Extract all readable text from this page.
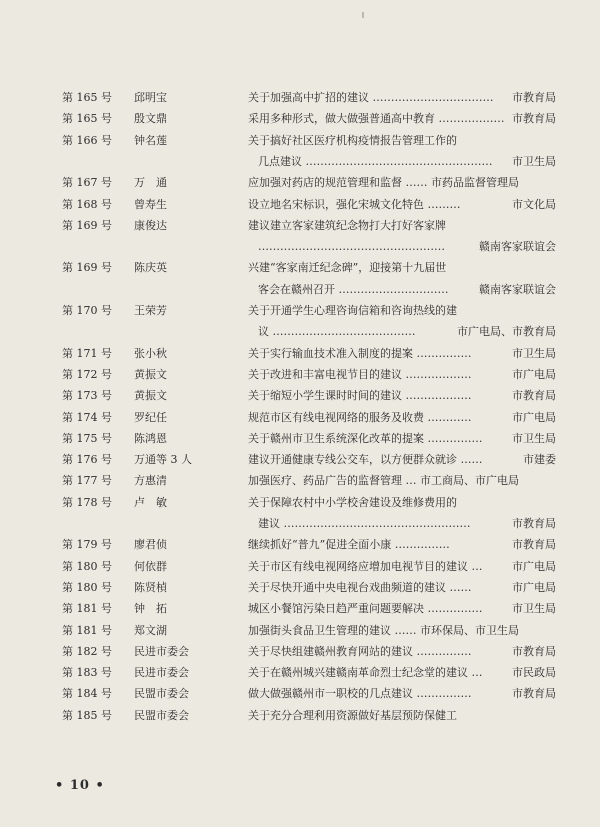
第 165 号 邱明宝	关于加强高中扩招的建议 …………………………… 市教育局
第 165 号 殷文鼎	采用多种形式，做大做强普通高中教育 ……………… 市教育局
第 166 号 钟名莲	关于搞好社区医疗机构疫情报告管理工作的
几点建议 …………………………………………… 市卫生局
第 167 号 万　通	应加强对药店的规范管理和监督 …… 市药品监督管理局
第 168 号 曾寿生	设立地名宋标识，强化宋城文化特色 ………	市文化局
第 169 号 康俊达	建议建立客家建筑纪念物打大打好客家牌
……………………………………………	赣南客家联谊会
第 169 号 陈庆英	兴建“客家南迁纪念碑”，迎接第十九届世
客会在赣州召开 …………………………	赣南客家联谊会
第 170 号 王荣芳	关于开通学生心理咨询信箱和咨询热线的建
议 …………………………………	市广电局、市教育局
第 171 号 张小秋	关于实行输血技术准入制度的提案 ……………	市卫生局
第 172 号 黄振文	关于改进和丰富电视节目的建议 ………………	市广电局
第 173 号 黄振文	关于缩短小学生课时时间的建议 ………………	市教育局
第 174 号 罗纪任	规范市区有线电视网络的服务及收费 …………	市广电局
第 175 号 陈鸿恩	关于赣州市卫生系统深化改革的提案 ……………	市卫生局
第 176 号 万通等 3 人	建议开通健康专线公交车，以方便群众就诊 ……	市建委
第 177 号 方惠清	加强医疗、药品广告的监督管理 … 市工商局、市广电局
第 178 号 卢　敏	关于保障农村中小学校舍建设及维修费用的
建议 ……………………………………………	市教育局
第 179 号 廖君侦	继续抓好“普九”促进全面小康 ……………	市教育局
第 180 号 何依群	关于市区有线电视网络应增加电视节目的建议 …	市广电局
第 180 号 陈贤楨	关于尽快开通中央电视台戏曲频道的建议 ……	市广电局
第 181 号 钟　拓	城区小餐馆污染日趋严重问题要解决 ……………	市卫生局
第 181 号 郑文湖	加强街头食品卫生管理的建议 …… 市环保局、市卫生局
第 182 号 民进市委会	关于尽快组建赣州教育网站的建议 ……………	市教育局
第 183 号 民进市委会	关于在赣州城兴建赣南革命烈士纪念堂的建议 …	市民政局
第 184 号 民盟市委会	做大做强赣州市一职校的几点建议 ……………	市教育局
第 185 号 民盟市委会	关于充分合理利用资源做好基层预防保健工
• 10 •
